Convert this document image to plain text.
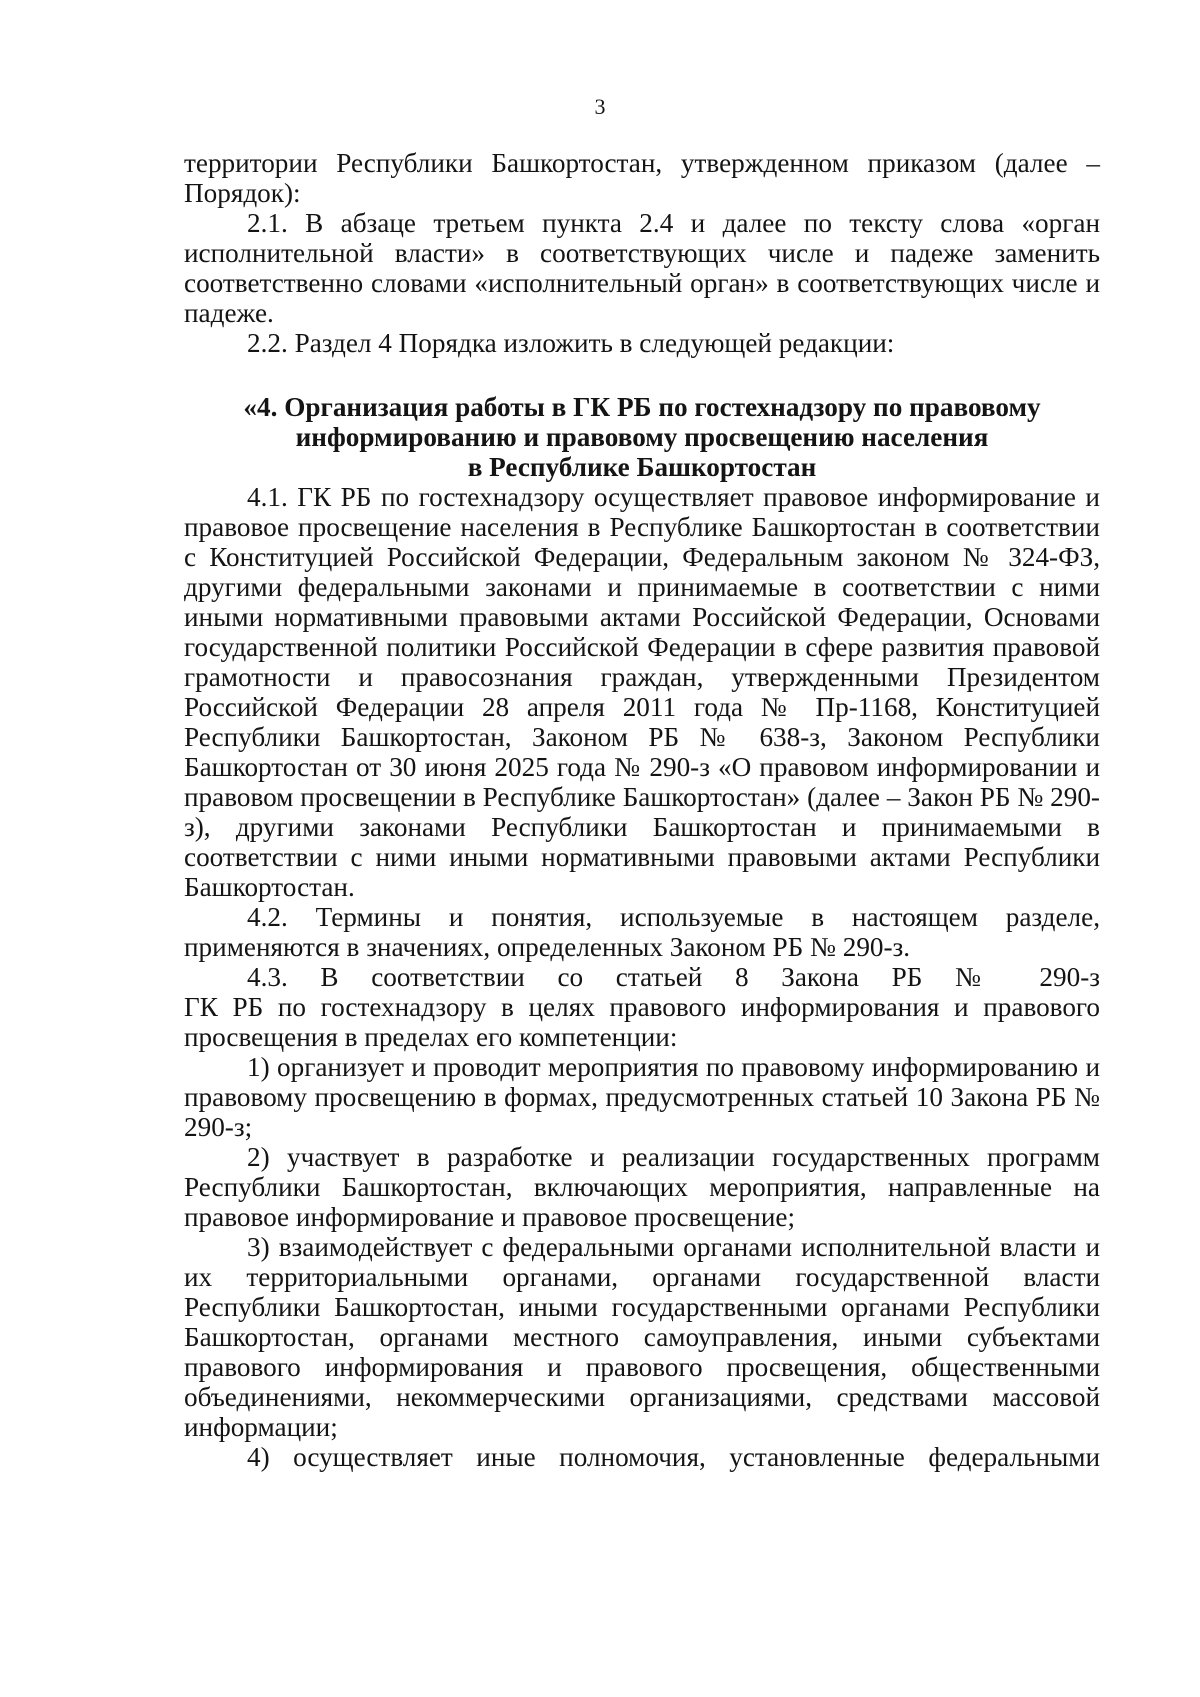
3

территории Республики Башкортостан, утвержденном приказом (далее – Порядок):

2.1. В абзаце третьем пункта 2.4 и далее по тексту слова «орган исполнительной власти» в соответствующих числе и падеже заменить соответственно словами «исполнительный орган» в соответствующих числе и падеже.

2.2. Раздел 4 Порядка изложить в следующей редакции:

«4. Организация работы в ГК РБ по гостехнадзору по правовому
информированию и правовому просвещению населения
в Республике Башкортостан

4.1. ГК РБ по гостехнадзору осуществляет правовое информирование и правовое просвещение населения в Республике Башкортостан в соответствии с Конституцией Российской Федерации, Федеральным законом № 324-ФЗ, другими федеральными законами и принимаемые в соответствии с ними иными нормативными правовыми актами Российской Федерации, Основами государственной политики Российской Федерации в сфере развития правовой грамотности и правосознания граждан, утвержденными Президентом Российской Федерации 28 апреля 2011 года № Пр-1168, Конституцией Республики Башкортостан, Законом РБ № 638-з, Законом Республики Башкортостан от 30 июня 2025 года № 290-з «О правовом информировании и правовом просвещении в Республике Башкортостан» (далее – Закон РБ № 290-з), другими законами Республики Башкортостан и принимаемыми в соответствии с ними иными нормативными правовыми актами Республики Башкортостан.

4.2. Термины и понятия, используемые в настоящем разделе, применяются в значениях, определенных Законом РБ № 290-з.

4.3. В соответствии со статьей 8 Закона РБ № 290-з

ГК РБ по гостехнадзору в целях правового информирования и правового просвещения в пределах его компетенции:

1) организует и проводит мероприятия по правовому информированию и правовому просвещению в формах, предусмотренных статьей 10 Закона РБ № 290-з;

2) участвует в разработке и реализации государственных программ Республики Башкортостан, включающих мероприятия, направленные на правовое информирование и правовое просвещение;

3) взаимодействует с федеральными органами исполнительной власти и их территориальными органами, органами государственной власти Республики Башкортостан, иными государственными органами Республики Башкортостан, органами местного самоуправления, иными субъектами правового информирования и правового просвещения, общественными объединениями, некоммерческими организациями, средствами массовой информации;

4) осуществляет иные полномочия, установленные федеральными
